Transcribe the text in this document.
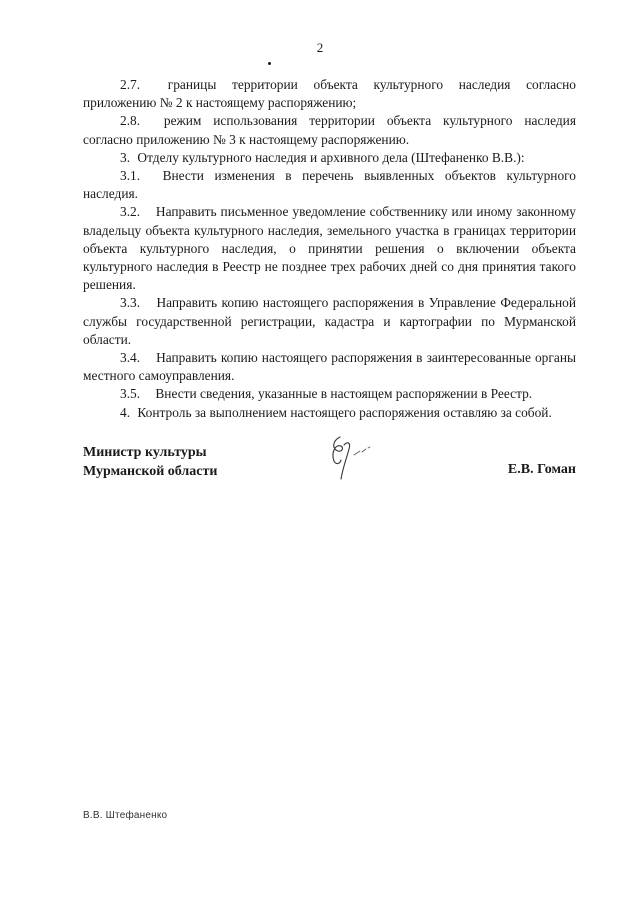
2

2.7. границы территории объекта культурного наследия согласно приложению № 2 к настоящему распоряжению;

2.8. режим использования территории объекта культурного наследия согласно приложению № 3 к настоящему распоряжению.

3. Отделу культурного наследия и архивного дела (Штефаненко В.В.):

3.1. Внести изменения в перечень выявленных объектов культурного наследия.

3.2. Направить письменное уведомление собственнику или иному законному владельцу объекта культурного наследия, земельного участка в границах территории объекта культурного наследия, о принятии решения о включении объекта культурного наследия в Реестр не позднее трех рабочих дней со дня принятия такого решения.

3.3. Направить копию настоящего распоряжения в Управление Федеральной службы государственной регистрации, кадастра и картографии по Мурманской области.

3.4. Направить копию настоящего распоряжения в заинтересованные органы местного самоуправления.

3.5. Внести сведения, указанные в настоящем распоряжении в Реестр.

4. Контроль за выполнением настоящего распоряжения оставляю за собой.

Министр культуры
Мурманской области	Е.В. Гоман
В.В. Штефаненко
